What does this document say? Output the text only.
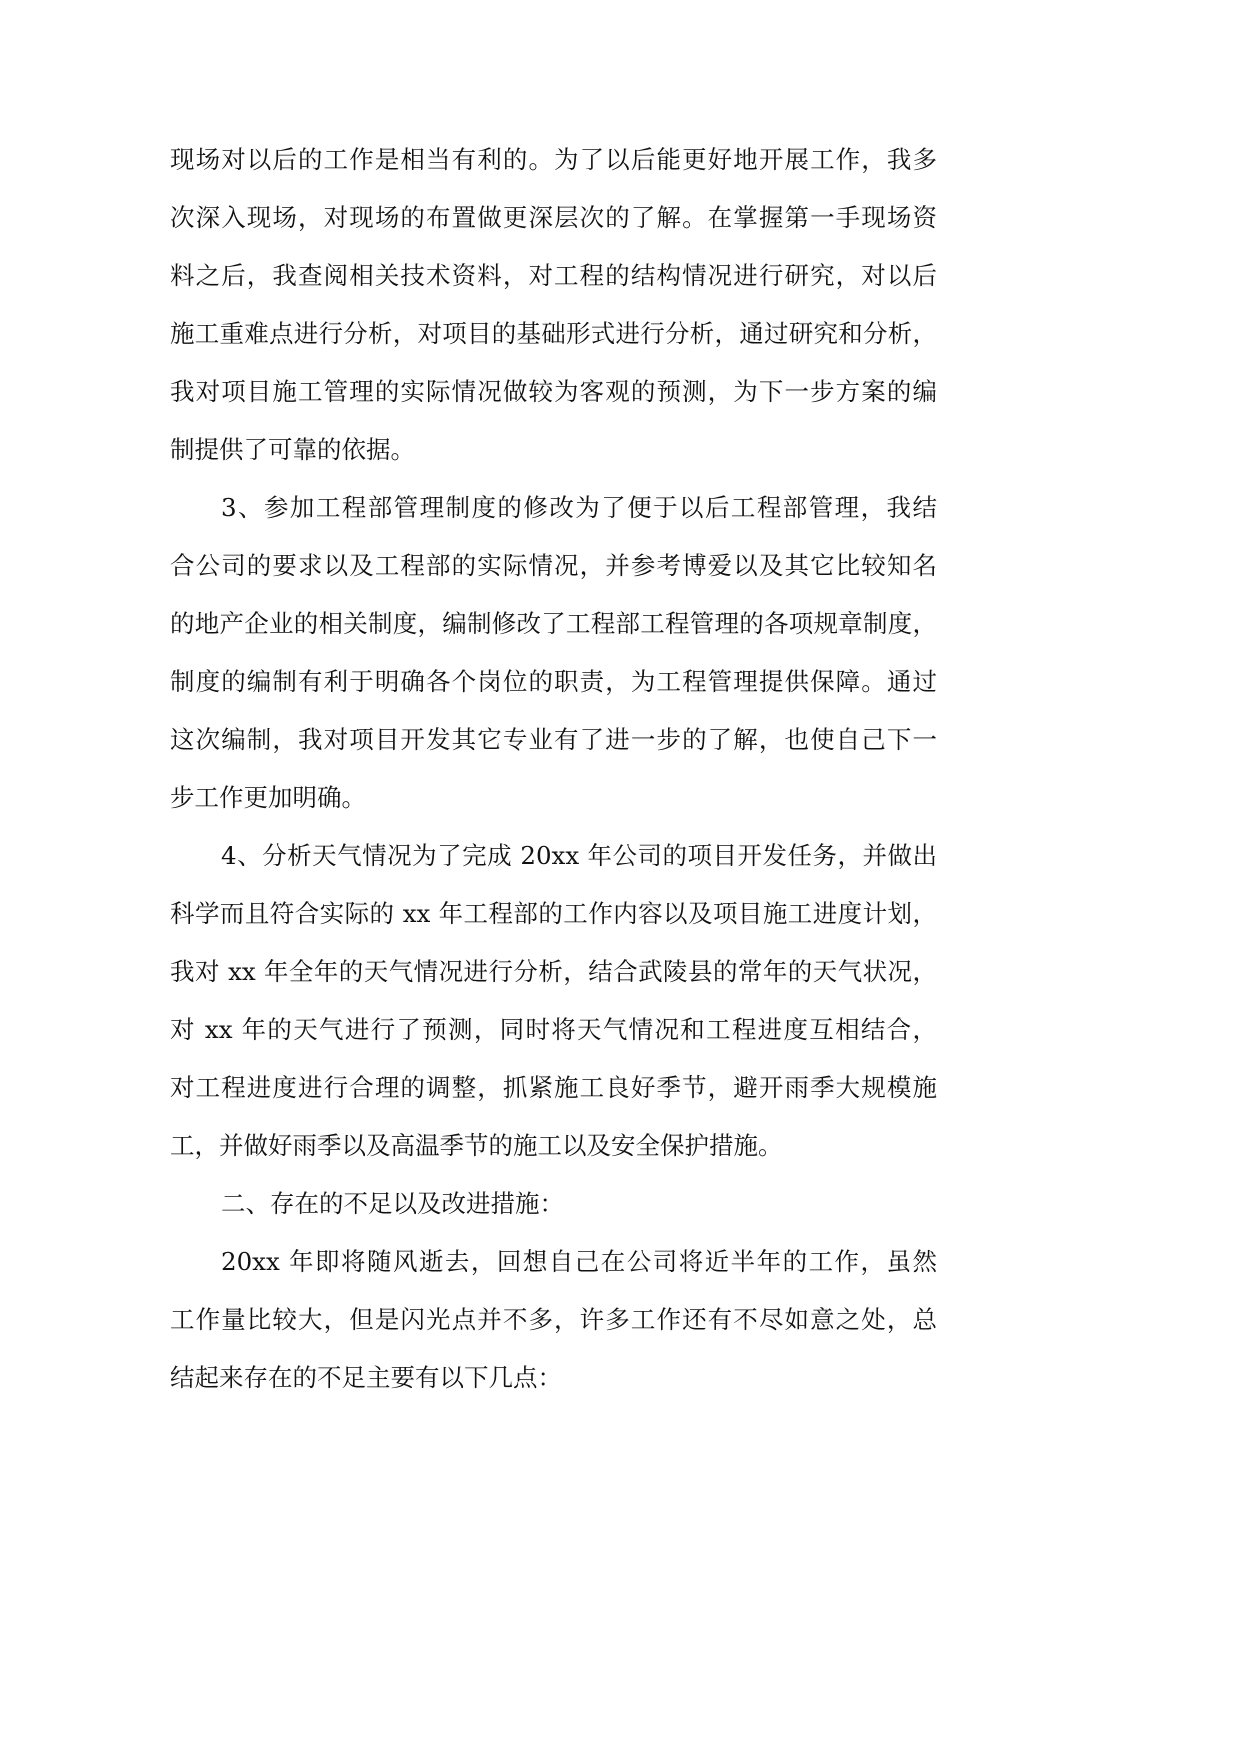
现场对以后的工作是相当有利的。为了以后能更好地开展工作，我多
次深入现场，对现场的布置做更深层次的了解。在掌握第一手现场资
料之后，我查阅相关技术资料，对工程的结构情况进行研究，对以后
施工重难点进行分析，对项目的基础形式进行分析，通过研究和分析，
我对项目施工管理的实际情况做较为客观的预测，为下一步方案的编
制提供了可靠的依据。
3、参加工程部管理制度的修改为了便于以后工程部管理，我结
合公司的要求以及工程部的实际情况，并参考博爱以及其它比较知名
的地产企业的相关制度，编制修改了工程部工程管理的各项规章制度，
制度的编制有利于明确各个岗位的职责，为工程管理提供保障。通过
这次编制，我对项目开发其它专业有了进一步的了解，也使自己下一
步工作更加明确。
4、分析天气情况为了完成 20xx 年公司的项目开发任务，并做出
科学而且符合实际的 xx 年工程部的工作内容以及项目施工进度计划，
我对 xx 年全年的天气情况进行分析，结合武陵县的常年的天气状况，
对 xx 年的天气进行了预测，同时将天气情况和工程进度互相结合，
对工程进度进行合理的调整，抓紧施工良好季节，避开雨季大规模施
工，并做好雨季以及高温季节的施工以及安全保护措施。
二、存在的不足以及改进措施：
20xx 年即将随风逝去，回想自己在公司将近半年的工作，虽然
工作量比较大，但是闪光点并不多，许多工作还有不尽如意之处，总
结起来存在的不足主要有以下几点：
